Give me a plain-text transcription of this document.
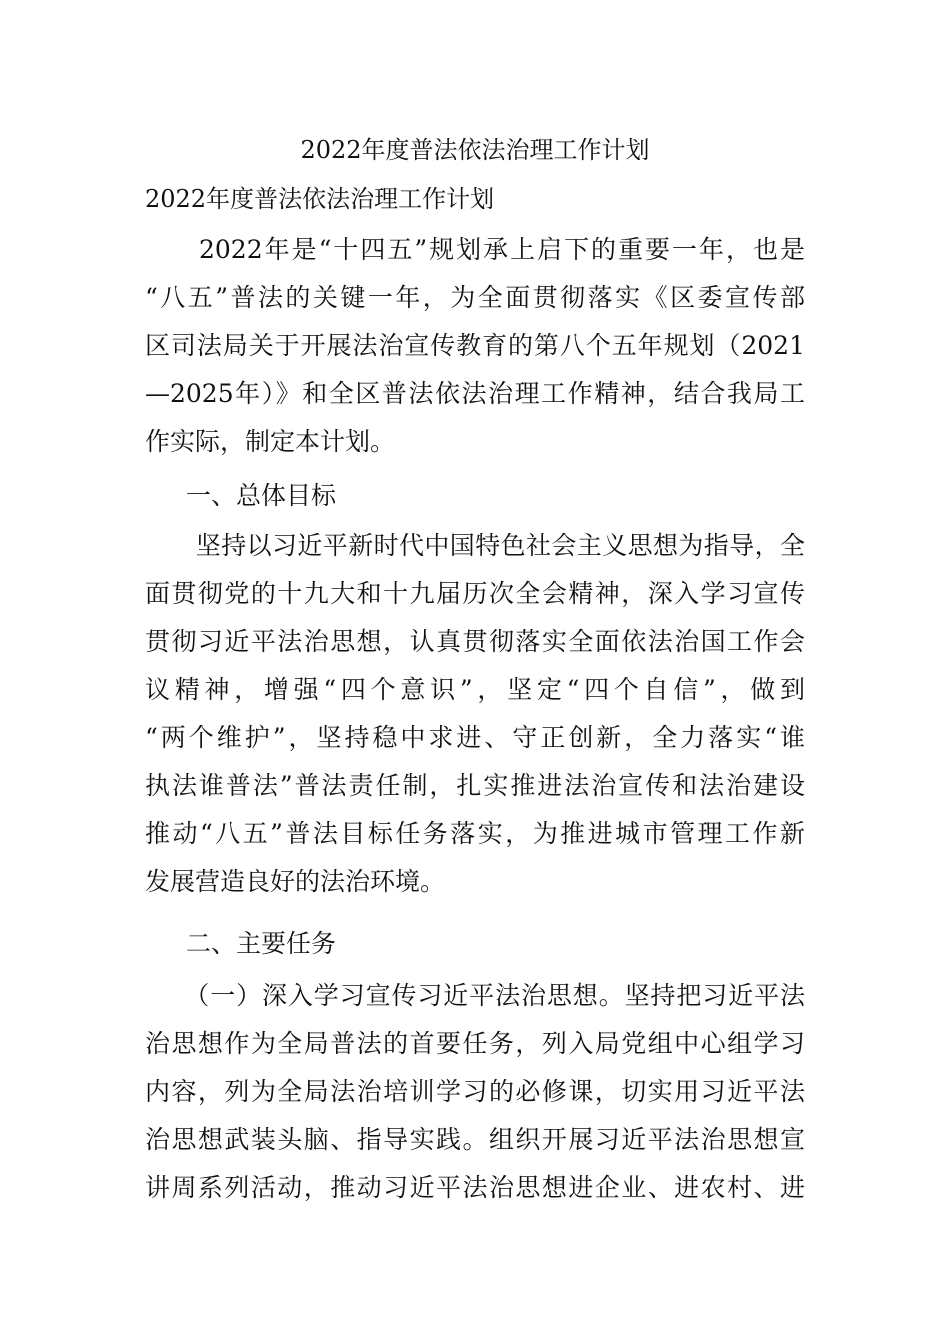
2022年度普法依法治理工作计划

2022年度普法依法治理工作计划

　　2022年是“十四五”规划承上启下的重要一年，也是

“八五”普法的关键一年，为全面贯彻落实《区委宣传部

区司法局关于开展法治宣传教育的第八个五年规划（2021

—2025年）》和全区普法依法治理工作精神，结合我局工

作实际，制定本计划。

一、总体目标

　　坚持以习近平新时代中国特色社会主义思想为指导，全

面贯彻党的十九大和十九届历次全会精神，深入学习宣传

贯彻习近平法治思想，认真贯彻落实全面依法治国工作会

议精神，增强“四个意识”，坚定“四个自信”，做到

“两个维护”，坚持稳中求进、守正创新，全力落实“谁

执法谁普法”普法责任制，扎实推进法治宣传和法治建设

推动“八五”普法目标任务落实，为推进城市管理工作新

发展营造良好的法治环境。

二、主要任务

　　（一）深入学习宣传习近平法治思想。坚持把习近平法

治思想作为全局普法的首要任务，列入局党组中心组学习

内容，列为全局法治培训学习的必修课，切实用习近平法

治思想武装头脑、指导实践。组织开展习近平法治思想宣

讲周系列活动，推动习近平法治思想进企业、进农村、进
